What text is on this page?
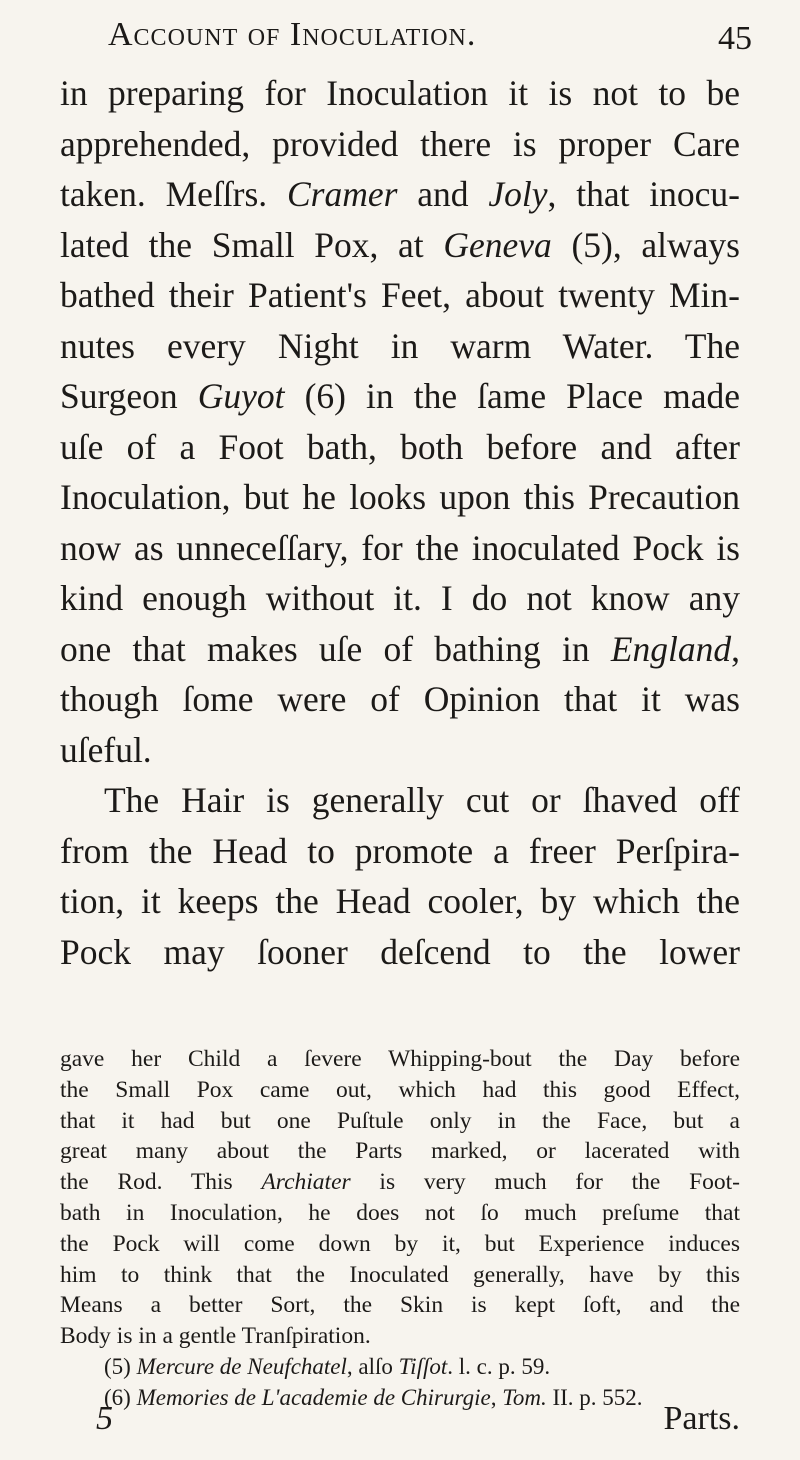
Account of Inoculation.	45
in preparing for Inoculation it is not to be
apprehended, provided there is proper Care
taken. Meſſrs. Cramer and Joly, that inocu-
lated the Small Pox, at Geneva (5), always
bathed their Patient's Feet, about twenty Min-
nutes every Night in warm Water. The
Surgeon Guyot (6) in the ſame Place made
uſe of a Foot bath, both before and after
Inoculation, but he looks upon this Precaution
now as unneceſſary, for the inoculated Pock is
kind enough without it. I do not know any
one that makes uſe of bathing in England,
though ſome were of Opinion that it was
uſeful.
The Hair is generally cut or ſhaved off
from the Head to promote a freer Perſpira-
tion, it keeps the Head cooler, by which the
Pock may ſooner deſcend to the lower
gave her Child a ſevere Whipping-bout the Day before
the Small Pox came out, which had this good Effect,
that it had but one Puſtule only in the Face, but a
great many about the Parts marked, or lacerated with
the Rod. This Archiater is very much for the Foot-
bath in Inoculation, he does not ſo much preſume that
the Pock will come down by it, but Experience induces
him to think that the Inoculated generally, have by this
Means a better Sort, the Skin is kept ſoft, and the
Body is in a gentle Tranſpiration.
(5) Mercure de Neufchatel, alſo Tiſſot. l. c. p. 59.
(6) Memories de L'academie de Chirurgie, Tom. II. p. 552.
5	Parts.
